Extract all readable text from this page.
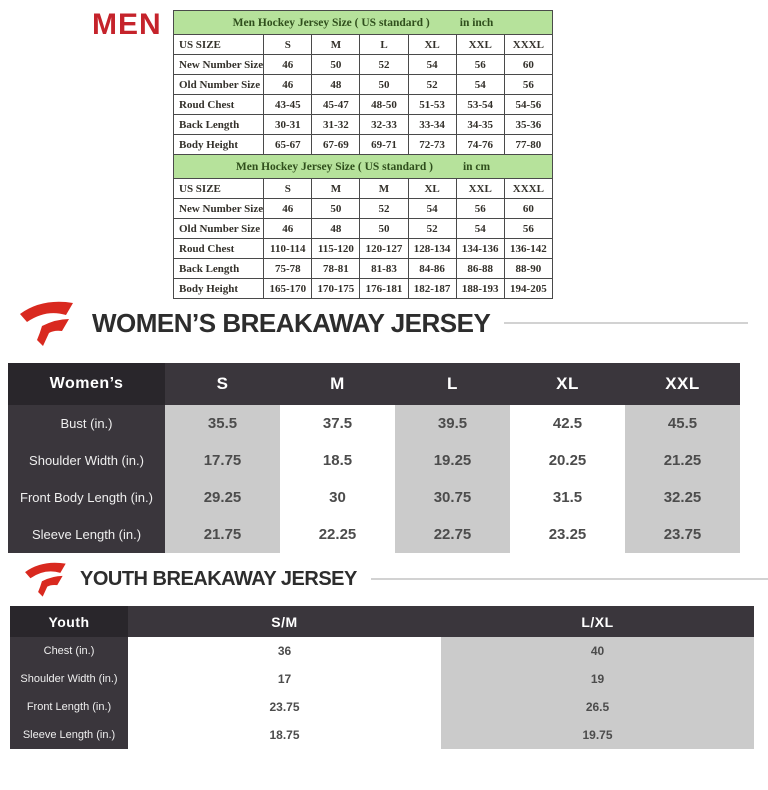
MEN	Men Hockey Jersey Size ( US standard ) in inch						
US SIZE	S	M	L	XL	XXL	XXXL
New Number Size	46	50	52	54	56	60
Old Number Size	46	48	50	52	54	56
Roud Chest	43-45	45-47	48-50	51-53	53-54	54-56
Back Length	30-31	31-32	32-33	33-34	34-35	35-36
Body Height	65-67	67-69	69-71	72-73	74-76	77-80
Men Hockey Jersey Size ( US standard ) in cm						
US SIZE	S	M	M	XL	XXL	XXXL
New Number Size	46	50	52	54	56	60
Old Number Size	46	48	50	52	54	56
Roud Chest	110-114	115-120	120-127	128-134	134-136	136-142
Back Length	75-78	78-81	81-83	84-86	86-88	88-90
Body Height	165-170	170-175	176-181	182-187	188-193	194-205
WOMEN’S BREAKAWAY JERSEY
Women’s	S	M	L	XL	XXL
Bust (in.)	35.5	37.5	39.5	42.5	45.5
Shoulder Width (in.)	17.75	18.5	19.25	20.25	21.25
Front Body Length (in.)	29.25	30	30.75	31.5	32.25
Sleeve Length (in.)	21.75	22.25	22.75	23.25	23.75
YOUTH BREAKAWAY JERSEY
Youth	S/M	L/XL
Chest (in.)	36	40
Shoulder Width (in.)	17	19
Front Length (in.)	23.75	26.5
Sleeve Length (in.)	18.75	19.75
